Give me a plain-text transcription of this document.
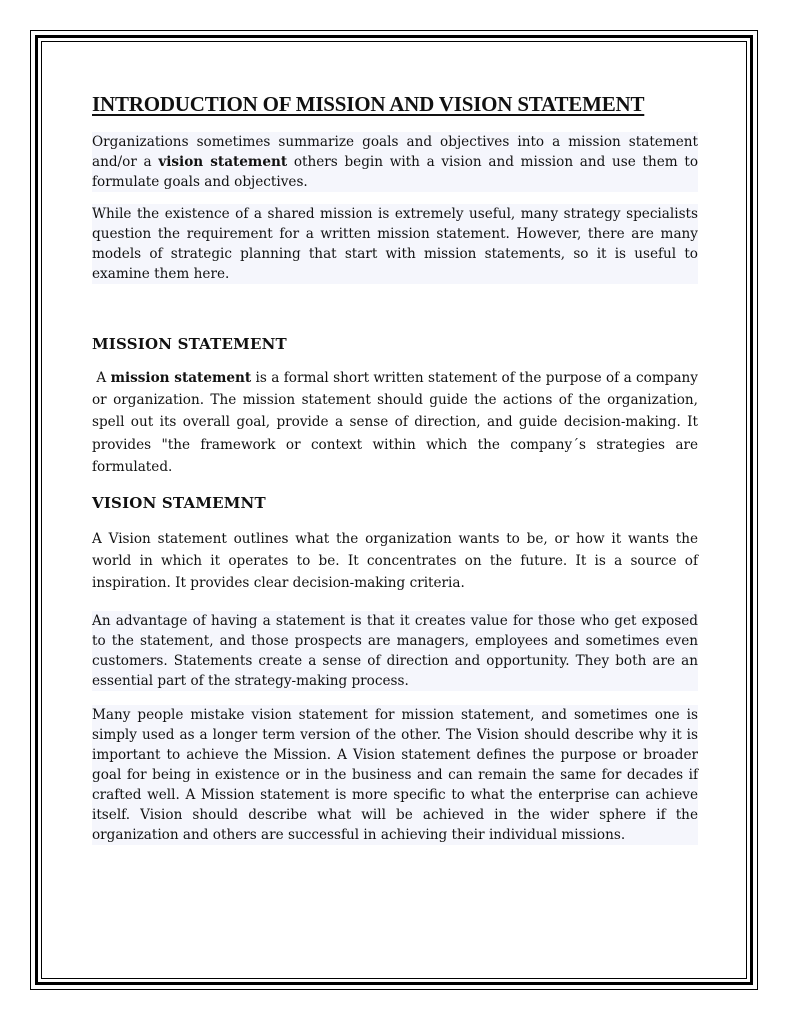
INTRODUCTION OF MISSION AND VISION STATEMENT

Organizations sometimes summarize goals and objectives into a mission statement and/or a vision statement others begin with a vision and mission and use them to formulate goals and objectives.

While the existence of a shared mission is extremely useful, many strategy specialists question the requirement for a written mission statement. However, there are many models of strategic planning that start with mission statements, so it is useful to examine them here.

MISSION STATEMENT

A mission statement is a formal short written statement of the purpose of a company or organization. The mission statement should guide the actions of the organization, spell out its overall goal, provide a sense of direction, and guide decision-making. It provides "the framework or context within which the company´s strategies are formulated.

VISION STAMEMNT

A Vision statement outlines what the organization wants to be, or how it wants the world in which it operates to be. It concentrates on the future. It is a source of inspiration. It provides clear decision-making criteria.

An advantage of having a statement is that it creates value for those who get exposed to the statement, and those prospects are managers, employees and sometimes even customers. Statements create a sense of direction and opportunity. They both are an essential part of the strategy-making process.

Many people mistake vision statement for mission statement, and sometimes one is simply used as a longer term version of the other. The Vision should describe why it is important to achieve the Mission. A Vision statement defines the purpose or broader goal for being in existence or in the business and can remain the same for decades if crafted well. A Mission statement is more specific to what the enterprise can achieve itself. Vision should describe what will be achieved in the wider sphere if the organization and others are successful in achieving their individual missions.
